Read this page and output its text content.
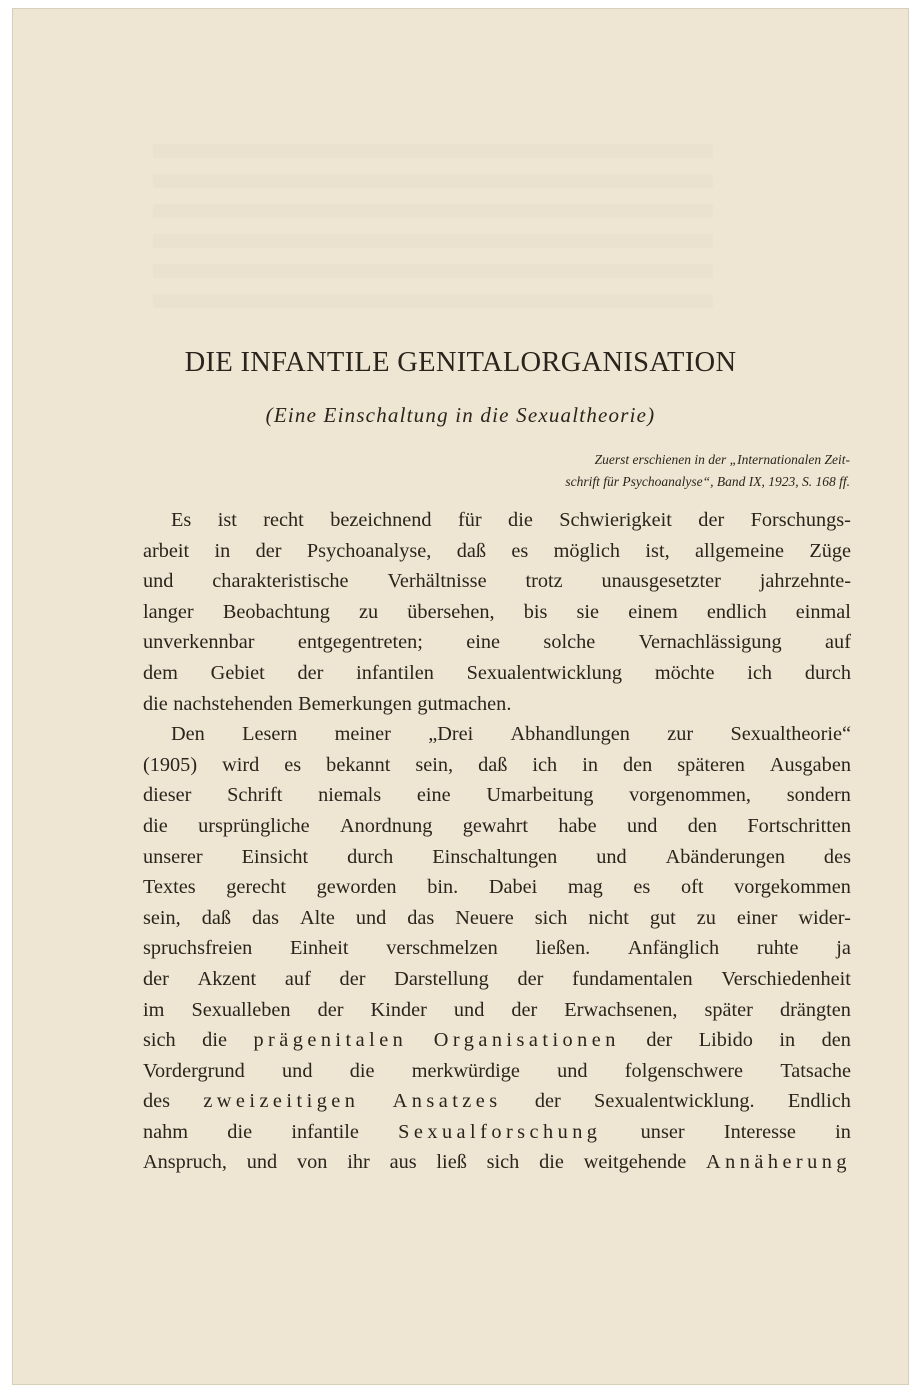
DIE INFANTILE GENITALORGANISATION
(Eine Einschaltung in die Sexualtheorie)
Zuerst erschienen in der „Internationalen Zeit-
schrift für Psychoanalyse“, Band IX, 1923, S. 168 ff.
Es ist recht bezeichnend für die Schwierigkeit der Forschungs-
arbeit in der Psychoanalyse, daß es möglich ist, allgemeine Züge
und charakteristische Verhältnisse trotz unausgesetzter jahrzehnte-
langer Beobachtung zu übersehen, bis sie einem endlich einmal
unverkennbar entgegentreten; eine solche Vernachlässigung auf
dem Gebiet der infantilen Sexualentwicklung möchte ich durch
die nachstehenden Bemerkungen gutmachen.
Den Lesern meiner „Drei Abhandlungen zur Sexualtheorie“
(1905) wird es bekannt sein, daß ich in den späteren Ausgaben
dieser Schrift niemals eine Umarbeitung vorgenommen, sondern
die ursprüngliche Anordnung gewahrt habe und den Fortschritten
unserer Einsicht durch Einschaltungen und Abänderungen des
Textes gerecht geworden bin. Dabei mag es oft vorgekommen
sein, daß das Alte und das Neuere sich nicht gut zu einer wider-
spruchsfreien Einheit verschmelzen ließen. Anfänglich ruhte ja
der Akzent auf der Darstellung der fundamentalen Verschiedenheit
im Sexualleben der Kinder und der Erwachsenen, später drängten
sich die prägenitalen Organisationen der Libido in den
Vordergrund und die merkwürdige und folgenschwere Tatsache
des zweizeitigen Ansatzes der Sexualentwicklung. Endlich
nahm die infantile Sexualforschung unser Interesse in
Anspruch, und von ihr aus ließ sich die weitgehende Annäherung
